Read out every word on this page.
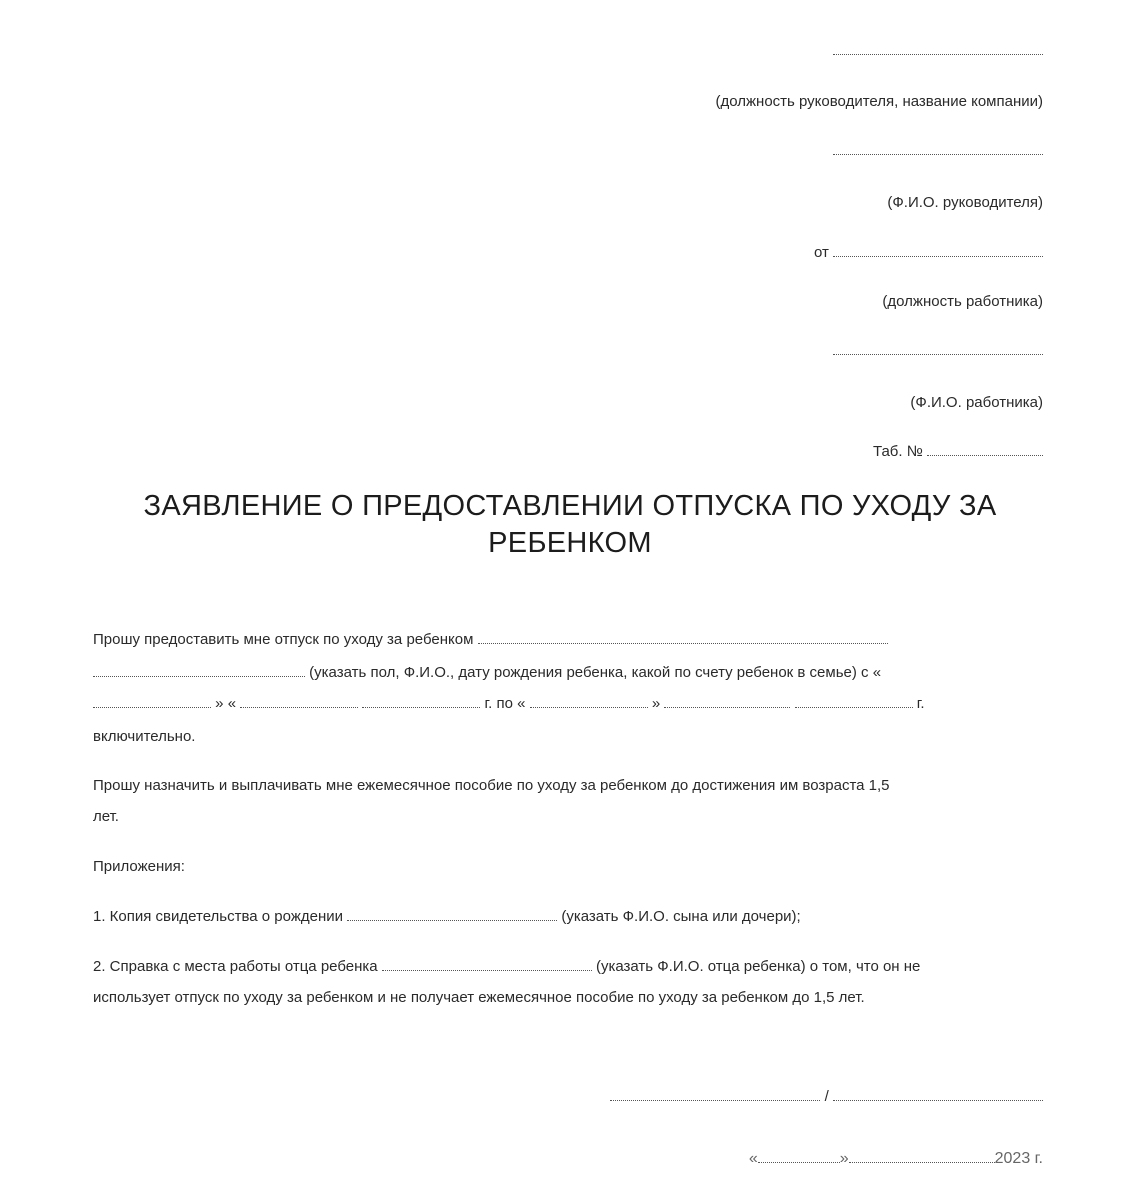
(должность руководителя, название компании)
(Ф.И.О. руководителя)
от
(должность работника)
(Ф.И.О. работника)
Таб. №
ЗАЯВЛЕНИЕ О ПРЕДОСТАВЛЕНИИ ОТПУСКА ПО УХОДУ ЗА
РЕБЕНКОМ
Прошу предоставить мне отпуск по уходу за ребенком
(указать пол, Ф.И.О., дату рождения ребенка, какой по счету ребенок в семье) с «
» «	г. по «	»	г.
включительно.
Прошу назначить и выплачивать мне ежемесячное пособие по уходу за ребенком до достижения им возраста 1,5
лет.
Приложения:
1. Копия свидетельства о рождении	(указать Ф.И.О. сына или дочери);
2. Справка с места работы отца ребенка	(указать Ф.И.О. отца ребенка) о том, что он не
использует отпуск по уходу за ребенком и не получает ежемесячное пособие по уходу за ребенком до 1,5 лет.
/
«	»	2023 г.
